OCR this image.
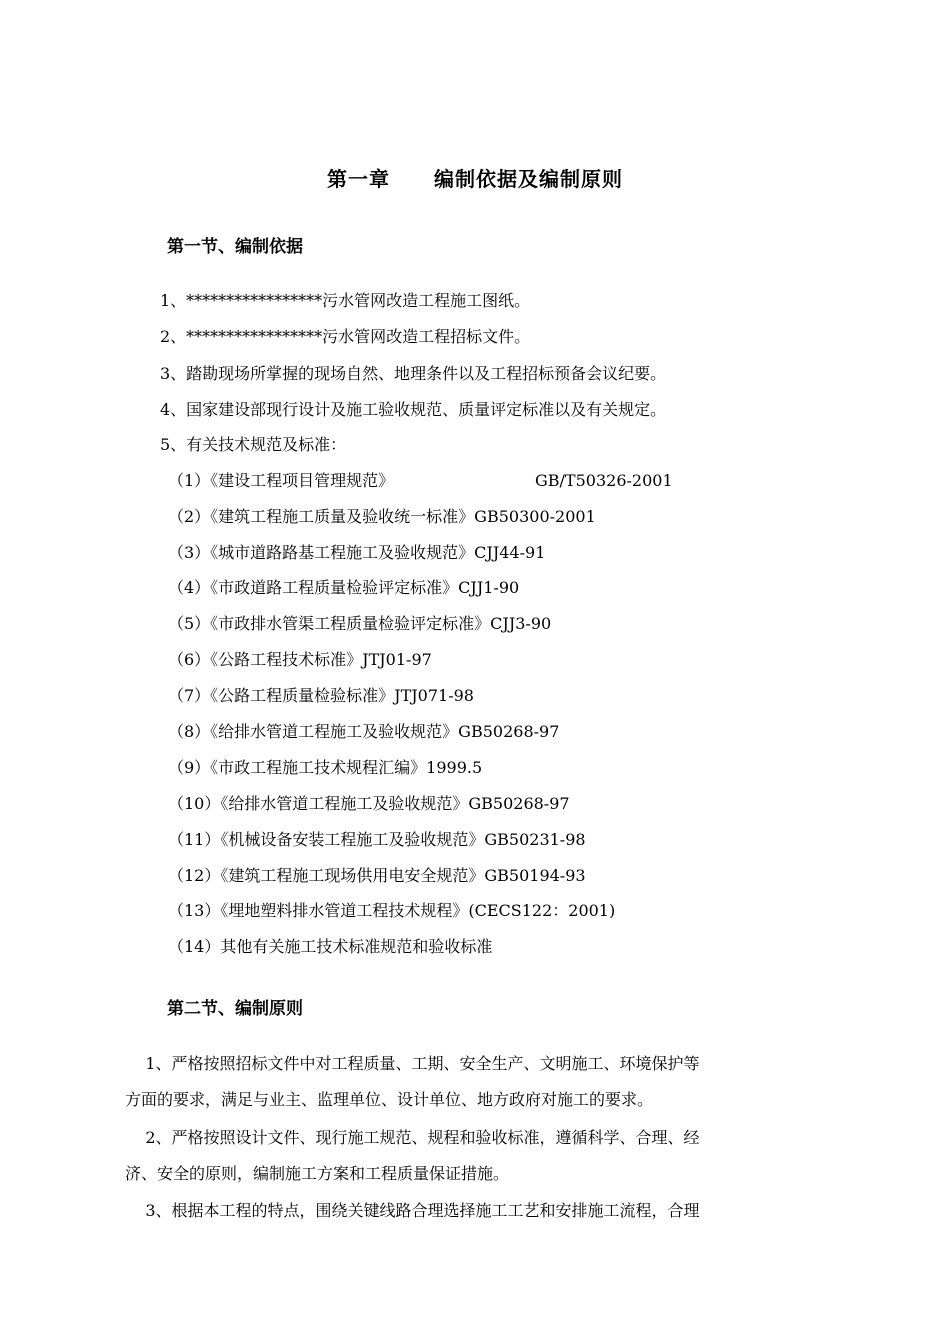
第一章 编制依据及编制原则
第一节、编制依据
1、*****************污水管网改造工程施工图纸。
2、*****************污水管网改造工程招标文件。
3、踏勘现场所掌握的现场自然、地理条件以及工程招标预备会议纪要。
4、国家建设部现行设计及施工验收规范、质量评定标准以及有关规定。
5、有关技术规范及标准：
（1）《建设工程项目管理规范》	GB/T50326-2001
（2）《建筑工程施工质量及验收统一标准》GB50300-2001
（3）《城市道路路基工程施工及验收规范》CJJ44-91
（4）《市政道路工程质量检验评定标准》CJJ1-90
（5）《市政排水管渠工程质量检验评定标准》CJJ3-90
（6）《公路工程技术标准》JTJ01-97
（7）《公路工程质量检验标准》JTJ071-98
（8）《给排水管道工程施工及验收规范》GB50268-97
（9）《市政工程施工技术规程汇编》1999.5
（10）《给排水管道工程施工及验收规范》GB50268-97
（11）《机械设备安装工程施工及验收规范》GB50231-98
（12）《建筑工程施工现场供用电安全规范》GB50194-93
（13）《埋地塑料排水管道工程技术规程》(CECS122：2001)
（14）其他有关施工技术标准规范和验收标准
第二节、编制原则
1、严格按照招标文件中对工程质量、工期、安全生产、文明施工、环境保护等
方面的要求，满足与业主、监理单位、设计单位、地方政府对施工的要求。
2、严格按照设计文件、现行施工规范、规程和验收标准，遵循科学、合理、经
济、安全的原则，编制施工方案和工程质量保证措施。
3、根据本工程的特点，围绕关键线路合理选择施工工艺和安排施工流程，合理
